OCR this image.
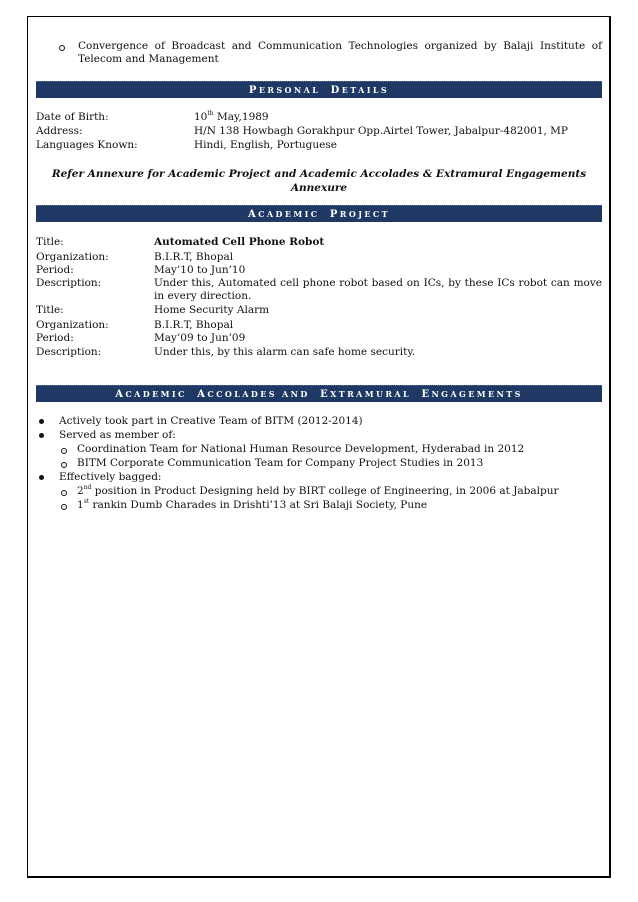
Convergence of Broadcast and Communication Technologies organized by Balaji Institute of Telecom and Management
PERSONAL DETAILS
Date of Birth:	10th May,1989
Address:	H/N 138 Howbagh Gorakhpur Opp.Airtel Tower, Jabalpur-482001, MP
Languages Known:	Hindi, English, Portuguese
Refer Annexure for Academic Project and Academic Accolades & Extramural Engagements
Annexure
ACADEMIC PROJECT
Title:	Automated Cell Phone Robot
Organization:	B.I.R.T, Bhopal
Period:	May’10 to Jun’10
Description:	Under this, Automated cell phone robot based on ICs, by these ICs robot can move in every direction.
Title:	Home Security Alarm
Organization:	B.I.R.T, Bhopal
Period:	May’09 to Jun’09
Description:	Under this, by this alarm can safe home security.
ACADEMIC ACCOLADES AND EXTRAMURAL ENGAGEMENTS
Actively took part in Creative Team of BITM (2012-2014)
Served as member of:
Coordination Team for National Human Resource Development, Hyderabad in 2012
BITM Corporate Communication Team for Company Project Studies in 2013
Effectively bagged:
2nd position in Product Designing held by BIRT college of Engineering, in 2006 at Jabalpur
1st rankin Dumb Charades in Drishti’13 at Sri Balaji Society, Pune
